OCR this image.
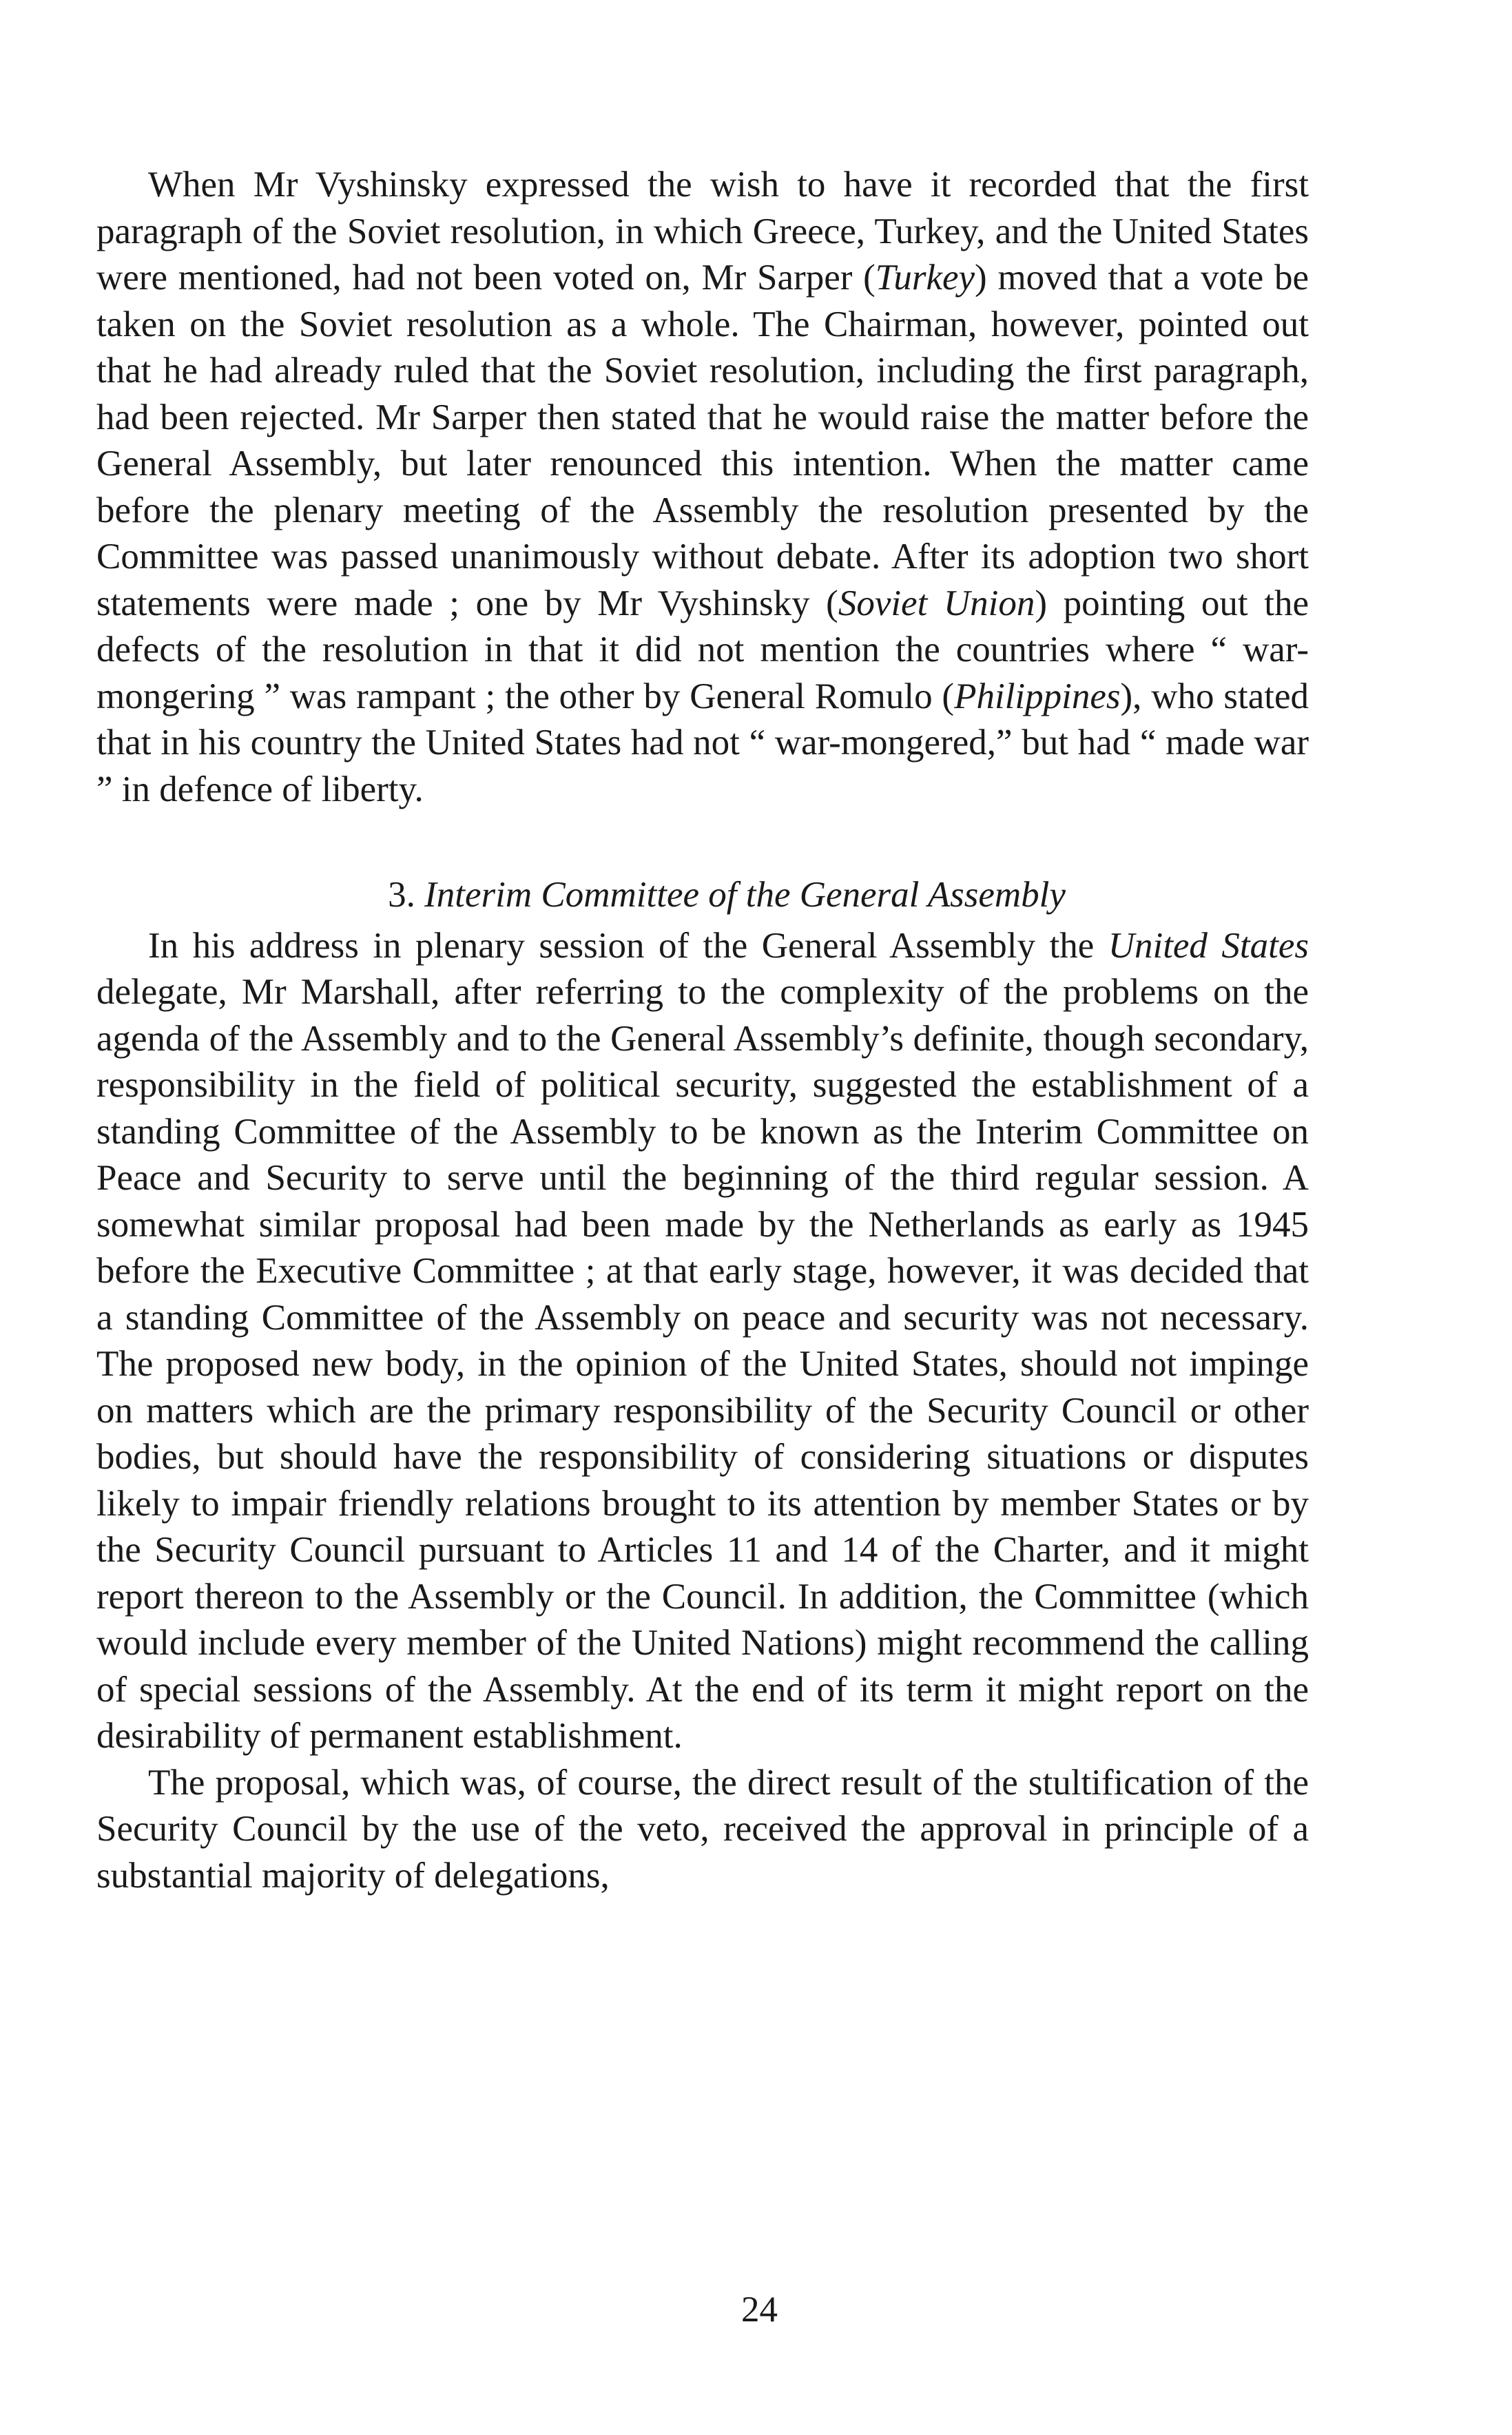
When Mr Vyshinsky expressed the wish to have it recorded that the first paragraph of the Soviet resolution, in which Greece, Turkey, and the United States were mentioned, had not been voted on, Mr Sarper (Turkey) moved that a vote be taken on the Soviet resolution as a whole. The Chairman, however, pointed out that he had already ruled that the Soviet resolution, including the first paragraph, had been rejected. Mr Sarper then stated that he would raise the matter before the General Assembly, but later renounced this intention. When the matter came before the plenary meeting of the Assembly the resolution presented by the Committee was passed unanimously without debate. After its adoption two short statements were made ; one by Mr Vyshinsky (Soviet Union) pointing out the defects of the resolution in that it did not mention the countries where “ war-mongering ” was rampant ; the other by General Romulo (Philippines), who stated that in his country the United States had not “ war-mongered,” but had “ made war ” in defence of liberty.

3. Interim Committee of the General Assembly

In his address in plenary session of the General Assembly the United States delegate, Mr Marshall, after referring to the complexity of the problems on the agenda of the Assembly and to the General Assembly’s definite, though secondary, responsibility in the field of political security, suggested the establishment of a standing Committee of the Assembly to be known as the Interim Committee on Peace and Security to serve until the beginning of the third regular session. A somewhat similar proposal had been made by the Netherlands as early as 1945 before the Executive Committee ; at that early stage, however, it was decided that a standing Committee of the Assembly on peace and security was not necessary. The proposed new body, in the opinion of the United States, should not impinge on matters which are the primary responsibility of the Security Council or other bodies, but should have the responsibility of considering situations or disputes likely to impair friendly relations brought to its attention by member States or by the Security Council pursuant to Articles 11 and 14 of the Charter, and it might report thereon to the Assembly or the Council. In addition, the Committee (which would include every member of the United Nations) might recommend the calling of special sessions of the Assembly. At the end of its term it might report on the desirability of permanent establishment.

The proposal, which was, of course, the direct result of the stultification of the Security Council by the use of the veto, received the approval in principle of a substantial majority of delegations,

24
